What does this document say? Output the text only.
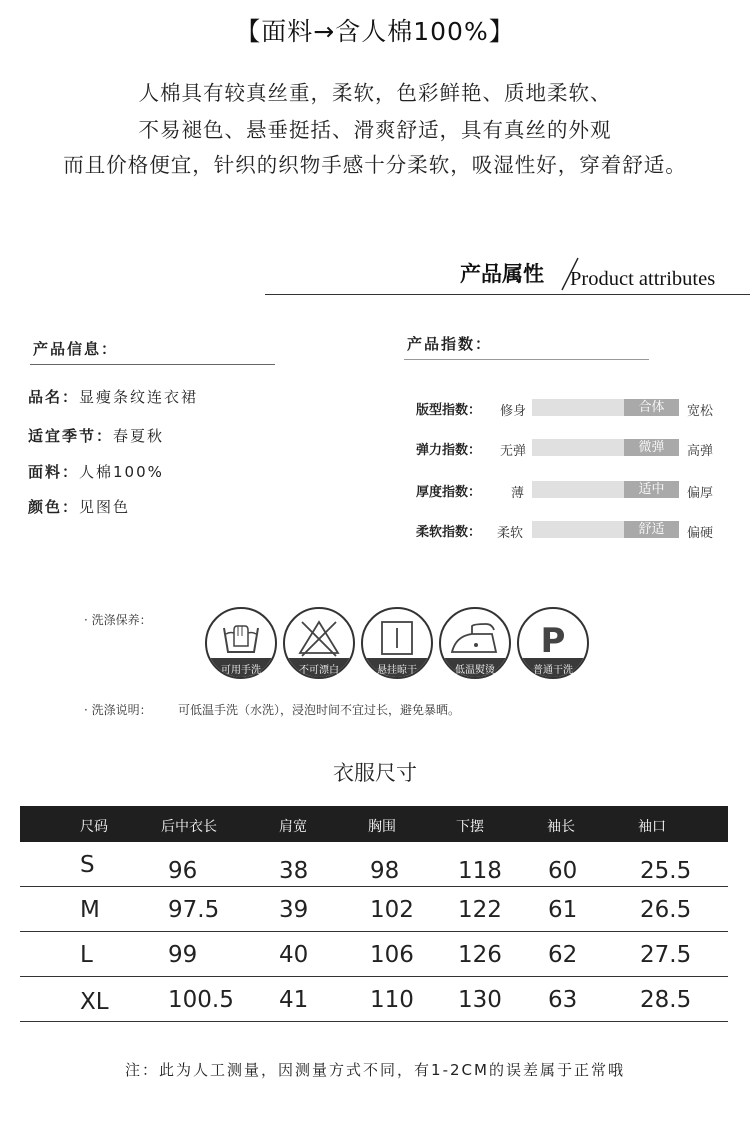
【面料→含人棉100%】
人棉具有较真丝重，柔软，色彩鲜艳、质地柔软、
不易褪色、悬垂挺括、滑爽舒适，具有真丝的外观
而且价格便宜，针织的织物手感十分柔软，吸湿性好，穿着舒适。
产品属性 Product attributes
产品信息：
品名：显瘦条纹连衣裙
适宜季节：春夏秋
面料：人棉100%
颜色：见图色
产品指数：
版型指数： 修身	合体	宽松
弹力指数： 无弹	微弹	高弹
厚度指数： 薄	适中	偏厚
柔软指数： 柔软	舒适	偏硬
· 洗涤保养：
可用手洗	不可漂白	悬挂晾干	低温熨烫
P
普通干洗
· 洗涤说明： 可低温手洗（水洗），浸泡时间不宜过长，避免暴晒。
衣服尺寸
尺码	后中衣长	肩宽	胸围	下摆	袖长	袖口
S	96	38	98	118 60	25.5
M	97.5	39	102 122 61	26.5
L	99	40	106 126 62	27.5
XL	100.5 41	110 130 63	28.5
注：此为人工测量，因测量方式不同，有1-2CM的误差属于正常哦
